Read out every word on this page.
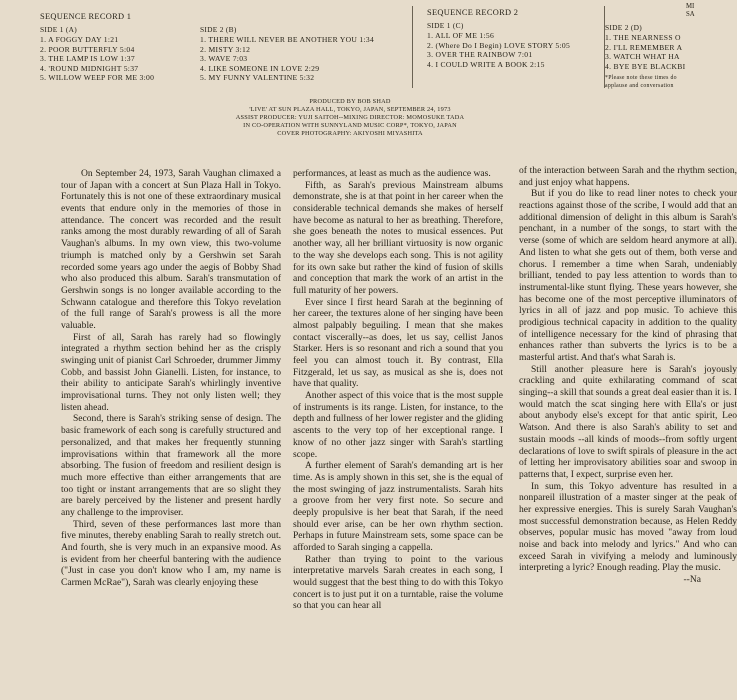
MI
SA
SEQUENCE RECORD 1
SIDE 1 (A)
1. A FOGGY DAY 1:21
2. POOR BUTTERFLY 5:04
3. THE LAMP IS LOW 1:37
4. 'ROUND MIDNIGHT 5:37
5. WILLOW WEEP FOR ME 3:00
SIDE 2 (B)
1. THERE WILL NEVER BE ANOTHER YOU 1:34
2. MISTY 3:12
3. WAVE 7:03
4. LIKE SOMEONE IN LOVE 2:29
5. MY FUNNY VALENTINE 5:32
SEQUENCE RECORD 2
SIDE 1 (C)
1. ALL OF ME 1:56
2. (Where Do I Begin) LOVE STORY 5:05
3. OVER THE RAINBOW 7:01
4. I COULD WRITE A BOOK 2:15
SIDE 2 (D)
1. THE NEARNESS O
2. I'LL REMEMBER A
3. WATCH WHAT HA
4. BYE BYE BLACKBI
*Please note these times do
applause and conversation
PRODUCED BY BOB SHAD
'LIVE' AT SUN PLAZA HALL, TOKYO, JAPAN, SEPTEMBER 24, 1973
ASSIST PRODUCER: YUJI SAITOH--MIXING DIRECTOR: MOMOSUKE TADA
IN CO-OPERATION WITH SUNNYLAND MUSIC CORP*, TOKYO, JAPAN
COVER PHOTOGRAPHY: AKIYOSHI MIYASHITA

On September 24, 1973, Sarah Vaughan climaxed a tour of Japan with a concert at Sun Plaza Hall in Tokyo. Fortunately this is not one of these extraordinary musical events that endure only in the memories of those in attendance. The concert was recorded and the result ranks among the most durably rewarding of all of Sarah Vaughan's albums. In my own view, this two-volume triumph is matched only by a Gershwin set Sarah recorded some years ago under the aegis of Bobby Shad who also produced this album. Sarah's transmutation of Gershwin songs is no longer available according to the Schwann catalogue and therefore this Tokyo revelation of the full range of Sarah's prowess is all the more valuable.

First of all, Sarah has rarely had so flowingly integrated a rhythm section behind her as the crisply swinging unit of pianist Carl Schroeder, drummer Jimmy Cobb, and bassist John Gianelli. Listen, for instance, to their ability to anticipate Sarah's whirlingly inventive improvisational turns. They not only listen well; they listen ahead.

Second, there is Sarah's striking sense of design. The basic framework of each song is carefully structured and personalized, and that makes her frequently stunning improvisations within that framework all the more absorbing. The fusion of freedom and resilient design is much more effective than either arrangements that are too tight or instant arrangements that are so slight they are barely perceived by the listener and present hardly any challenge to the improviser.

Third, seven of these performances last more than five minutes, thereby enabling Sarah to really stretch out. And fourth, she is very much in an expansive mood. As is evident from her cheerful bantering with the audience ("Just in case you don't know who I am, my name is Carmen McRae"), Sarah was clearly enjoying these

performances, at least as much as the audience was.

Fifth, as Sarah's previous Mainstream albums demonstrate, she is at that point in her career when the considerable technical demands she makes of herself have become as natural to her as breathing. Therefore, she goes beneath the notes to musical essences. Put another way, all her brilliant virtuosity is now organic to the way she develops each song. This is not agility for its own sake but rather the kind of fusion of skills and conception that mark the work of an artist in the full maturity of her powers.

Ever since I first heard Sarah at the beginning of her career, the textures alone of her singing have been almost palpably beguiling. I mean that she makes contact viscerally--as does, let us say, cellist Janos Starker. Hers is so resonant and rich a sound that you feel you can almost touch it. By contrast, Ella Fitzgerald, let us say, as musical as she is, does not have that quality.

Another aspect of this voice that is the most supple of instruments is its range. Listen, for instance, to the depth and fullness of her lower register and the gliding ascents to the very top of her exceptional range. I know of no other jazz singer with Sarah's startling scope.

A further element of Sarah's demanding art is her time. As is amply shown in this set, she is the equal of the most swinging of jazz instrumentalists. Sarah hits a groove from her very first note. So secure and deeply propulsive is her beat that Sarah, if the need should ever arise, can be her own rhythm section. Perhaps in future Mainstream sets, some space can be afforded to Sarah singing a cappella.

Rather than trying to point to the various interpretative marvels Sarah creates in each song, I would suggest that the best thing to do with this Tokyo concert is to just put it on a turntable, raise the volume so that you can hear all

of the interaction between Sarah and the rhythm section, and just enjoy what happens.

But if you do like to read liner notes to check your reactions against those of the scribe, I would add that an additional dimension of delight in this album is Sarah's penchant, in a number of the songs, to start with the verse (some of which are seldom heard anymore at all). And listen to what she gets out of them, both verse and chorus. I remember a time when Sarah, undeniably brilliant, tended to pay less attention to words than to instrumental-like stunt flying. These years however, she has become one of the most perceptive illuminators of lyrics in all of jazz and pop music. To achieve this prodigious technical capacity in addition to the quality of intelligence necessary for the kind of phrasing that enhances rather than subverts the lyrics is to be a masterful artist. And that's what Sarah is.

Still another pleasure here is Sarah's joyously crackling and quite exhilarating command of scat singing--a skill that sounds a great deal easier than it is. I would match the scat singing here with Ella's or just about anybody else's except for that antic spirit, Leo Watson. And there is also Sarah's ability to set and sustain moods --all kinds of moods--from softly urgent declarations of love to swift spirals of pleasure in the act of letting her improvisatory abilities soar and swoop in patterns that, I expect, surprise even her.

In sum, this Tokyo adventure has resulted in a nonpareil illustration of a master singer at the peak of her expressive energies. This is surely Sarah Vaughan's most successful demonstration because, as Helen Reddy observes, popular music has moved "away from loud noise and back into melody and lyrics." And who can exceed Sarah in vivifying a melody and luminously interpreting a lyric? Enough reading. Play the music.

--Na
